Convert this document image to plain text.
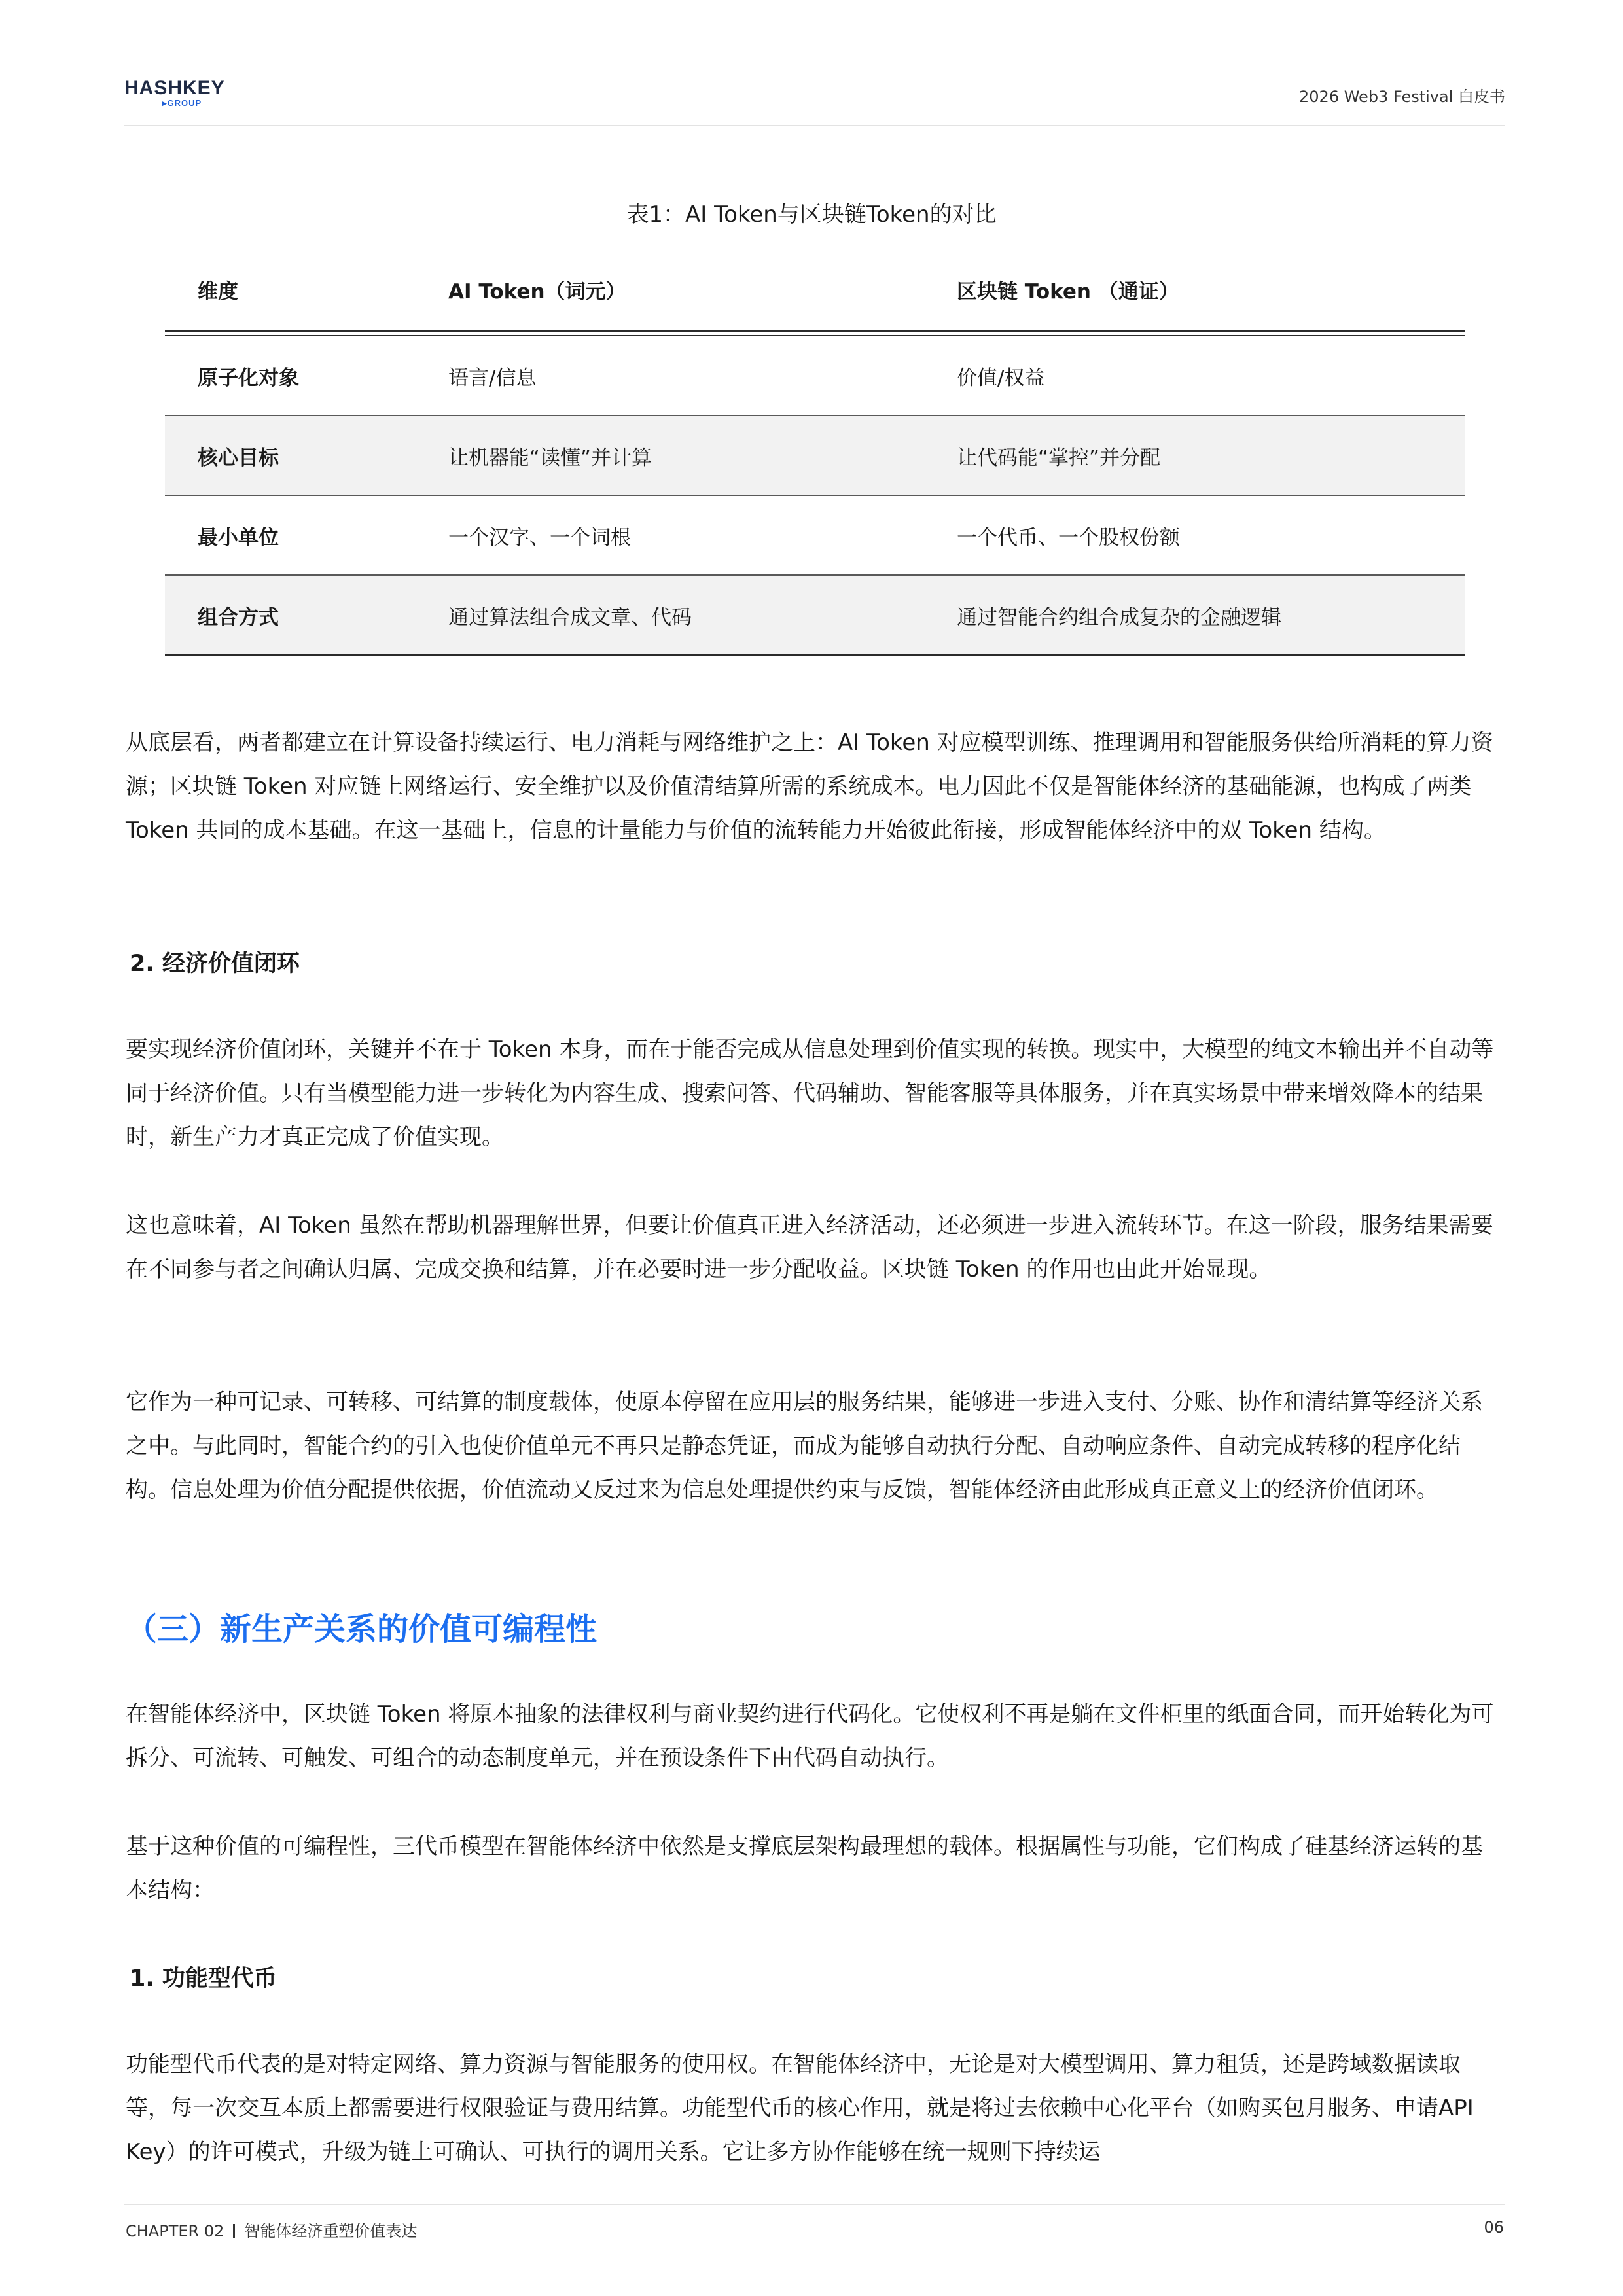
HASHKEY
▸GROUP	2026 Web3 Festival 白皮书
表1：AI Token与区块链Token的对比
维度	AI Token（词元）	区块链 Token （通证）
原子化对象	语言/信息	价值/权益
核心目标	让机器能“读懂”并计算	让代码能“掌控”并分配
最小单位	一个汉字、一个词根	一个代币、一个股权份额
组合方式	通过算法组合成文章、代码	通过智能合约组合成复杂的金融逻辑
从底层看，两者都建立在计算设备持续运行、电力消耗与网络维护之上：AI Token 对应模型训练、推理调用和智能服务供给所消耗的算力资源；区块链 Token 对应链上网络运行、安全维护以及价值清结算所需的系统成本。电力因此不仅是智能体经济的基础能源，也构成了两类 Token 共同的成本基础。在这一基础上，信息的计量能力与价值的流转能力开始彼此衔接，形成智能体经济中的双 Token 结构。
2. 经济价值闭环
要实现经济价值闭环，关键并不在于 Token 本身，而在于能否完成从信息处理到价值实现的转换。现实中，大模型的纯文本输出并不自动等同于经济价值。只有当模型能力进一步转化为内容生成、搜索问答、代码辅助、智能客服等具体服务，并在真实场景中带来增效降本的结果时，新生产力才真正完成了价值实现。
这也意味着，AI Token 虽然在帮助机器理解世界，但要让价值真正进入经济活动，还必须进一步进入流转环节。在这一阶段，服务结果需要在不同参与者之间确认归属、完成交换和结算，并在必要时进一步分配收益。区块链 Token 的作用也由此开始显现。
它作为一种可记录、可转移、可结算的制度载体，使原本停留在应用层的服务结果，能够进一步进入支付、分账、协作和清结算等经济关系之中。与此同时，智能合约的引入也使价值单元不再只是静态凭证，而成为能够自动执行分配、自动响应条件、自动完成转移的程序化结构。信息处理为价值分配提供依据，价值流动又反过来为信息处理提供约束与反馈，智能体经济由此形成真正意义上的经济价值闭环。
（三）新生产关系的价值可编程性
在智能体经济中，区块链 Token 将原本抽象的法律权利与商业契约进行代码化。它使权利不再是躺在文件柜里的纸面合同，而开始转化为可拆分、可流转、可触发、可组合的动态制度单元，并在预设条件下由代码自动执行。
基于这种价值的可编程性，三代币模型在智能体经济中依然是支撑底层架构最理想的载体。根据属性与功能，它们构成了硅基经济运转的基本结构：
1. 功能型代币
功能型代币代表的是对特定网络、算力资源与智能服务的使用权。在智能体经济中，无论是对大模型调用、算力租赁，还是跨域数据读取等，每一次交互本质上都需要进行权限验证与费用结算。功能型代币的核心作用，就是将过去依赖中心化平台（如购买包月服务、申请API Key）的许可模式，升级为链上可确认、可执行的调用关系。它让多方协作能够在统一规则下持续运
CHAPTER 02 智能体经济重塑价值表达	06
